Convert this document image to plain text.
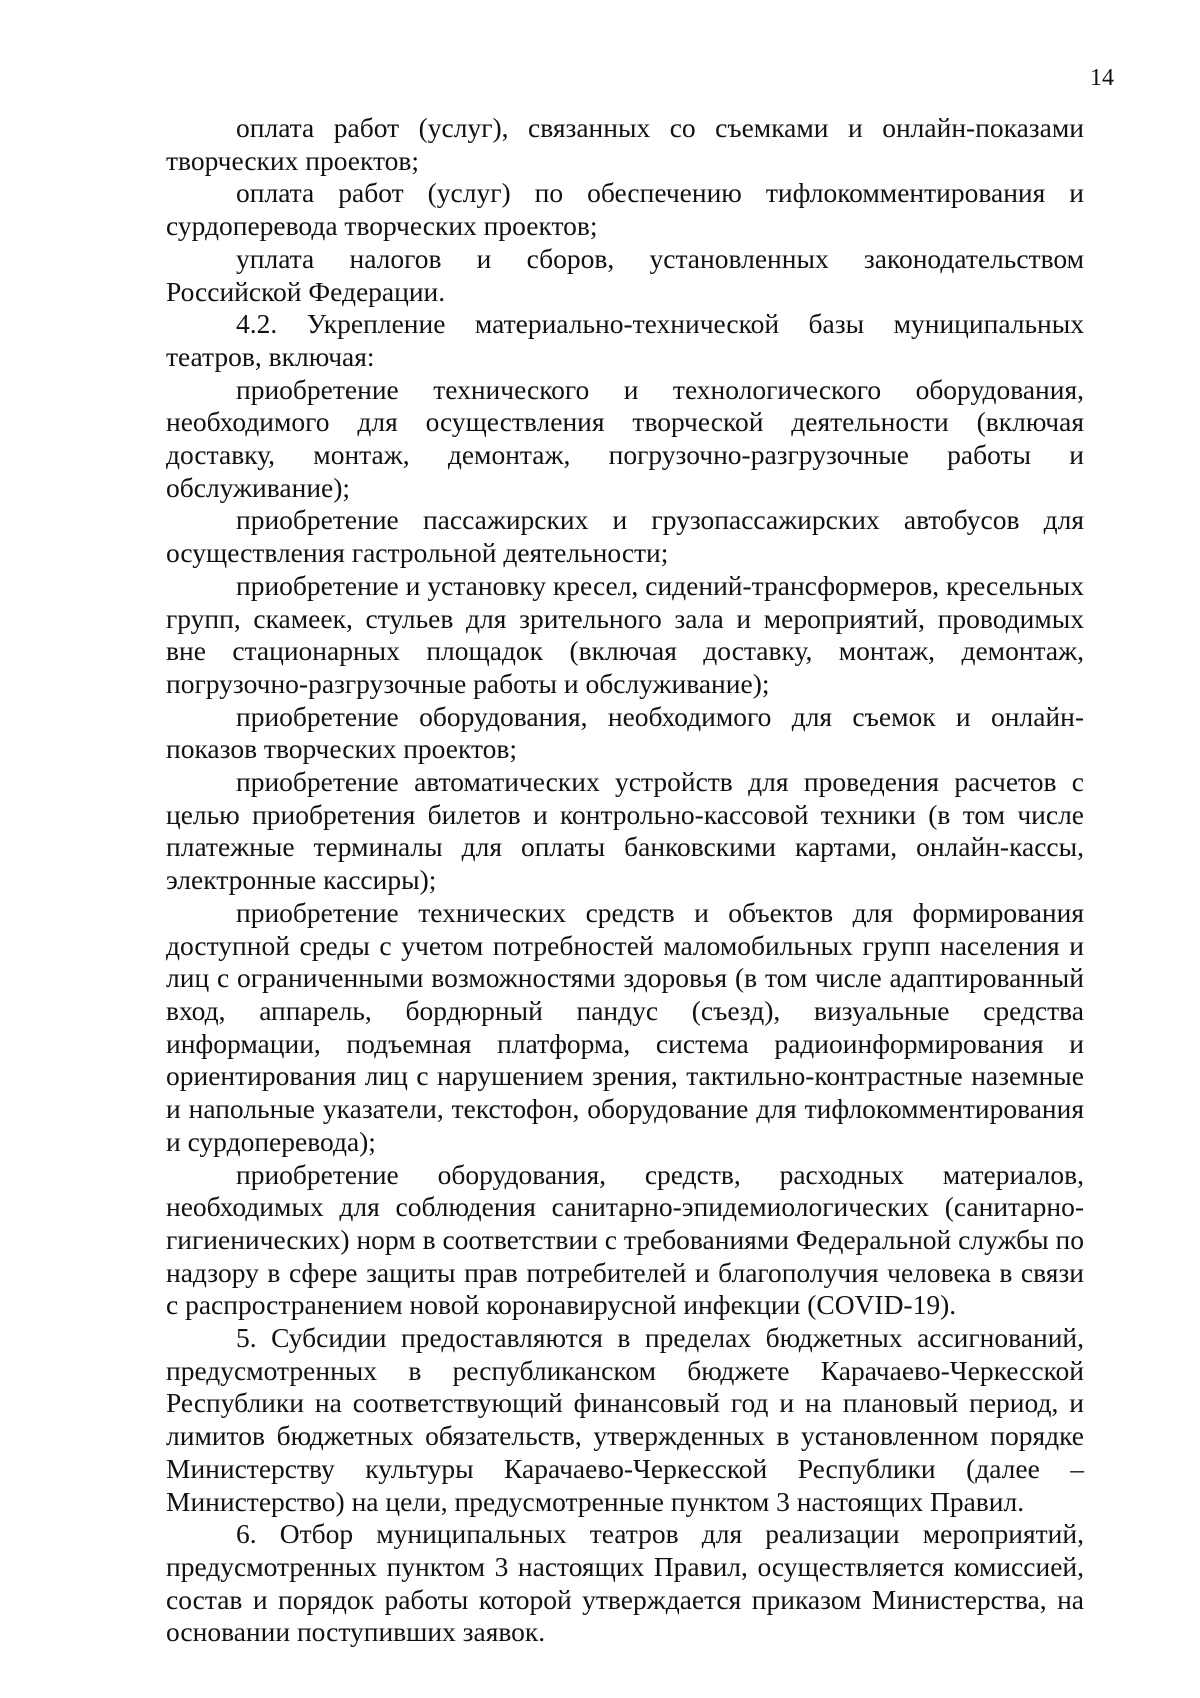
14

оплата работ (услуг), связанных со съемками и онлайн-показами творческих проектов;

оплата работ (услуг) по обеспечению тифлокомментирования и сурдоперевода творческих проектов;

уплата налогов и сборов, установленных законодательством Российской Федерации.

4.2. Укрепление материально-технической базы муниципальных театров, включая:

приобретение технического и технологического оборудования, необходимого для осуществления творческой деятельности (включая доставку, монтаж, демонтаж, погрузочно-разгрузочные работы и обслуживание);

приобретение пассажирских и грузопассажирских автобусов для осуществления гастрольной деятельности;

приобретение и установку кресел, сидений-трансформеров, кресельных групп, скамеек, стульев для зрительного зала и мероприятий, проводимых вне стационарных площадок (включая доставку, монтаж, демонтаж, погрузочно-разгрузочные работы и обслуживание);

приобретение оборудования, необходимого для съемок и онлайн-показов творческих проектов;

приобретение автоматических устройств для проведения расчетов с целью приобретения билетов и контрольно-кассовой техники (в том числе платежные терминалы для оплаты банковскими картами, онлайн-кассы, электронные кассиры);

приобретение технических средств и объектов для формирования доступной среды с учетом потребностей маломобильных групп населения и лиц с ограниченными возможностями здоровья (в том числе адаптированный вход, аппарель, бордюрный пандус (съезд), визуальные средства информации, подъемная платформа, система радиоинформирования и ориентирования лиц с нарушением зрения, тактильно-контрастные наземные и напольные указатели, текстофон, оборудование для тифлокомментирования и сурдоперевода);

приобретение оборудования, средств, расходных материалов, необходимых для соблюдения санитарно-эпидемиологических (санитарно-гигиенических) норм в соответствии с требованиями Федеральной службы по надзору в сфере защиты прав потребителей и благополучия человека в связи с распространением новой коронавирусной инфекции (COVID-19).

5. Субсидии предоставляются в пределах бюджетных ассигнований, предусмотренных в республиканском бюджете Карачаево-Черкесской Республики на соответствующий финансовый год и на плановый период, и лимитов бюджетных обязательств, утвержденных в установленном порядке Министерству культуры Карачаево-Черкесской Республики (далее – Министерство) на цели, предусмотренные пунктом 3 настоящих Правил.

6. Отбор муниципальных театров для реализации мероприятий, предусмотренных пунктом 3 настоящих Правил, осуществляется комиссией, состав и порядок работы которой утверждается приказом Министерства, на основании поступивших заявок.
